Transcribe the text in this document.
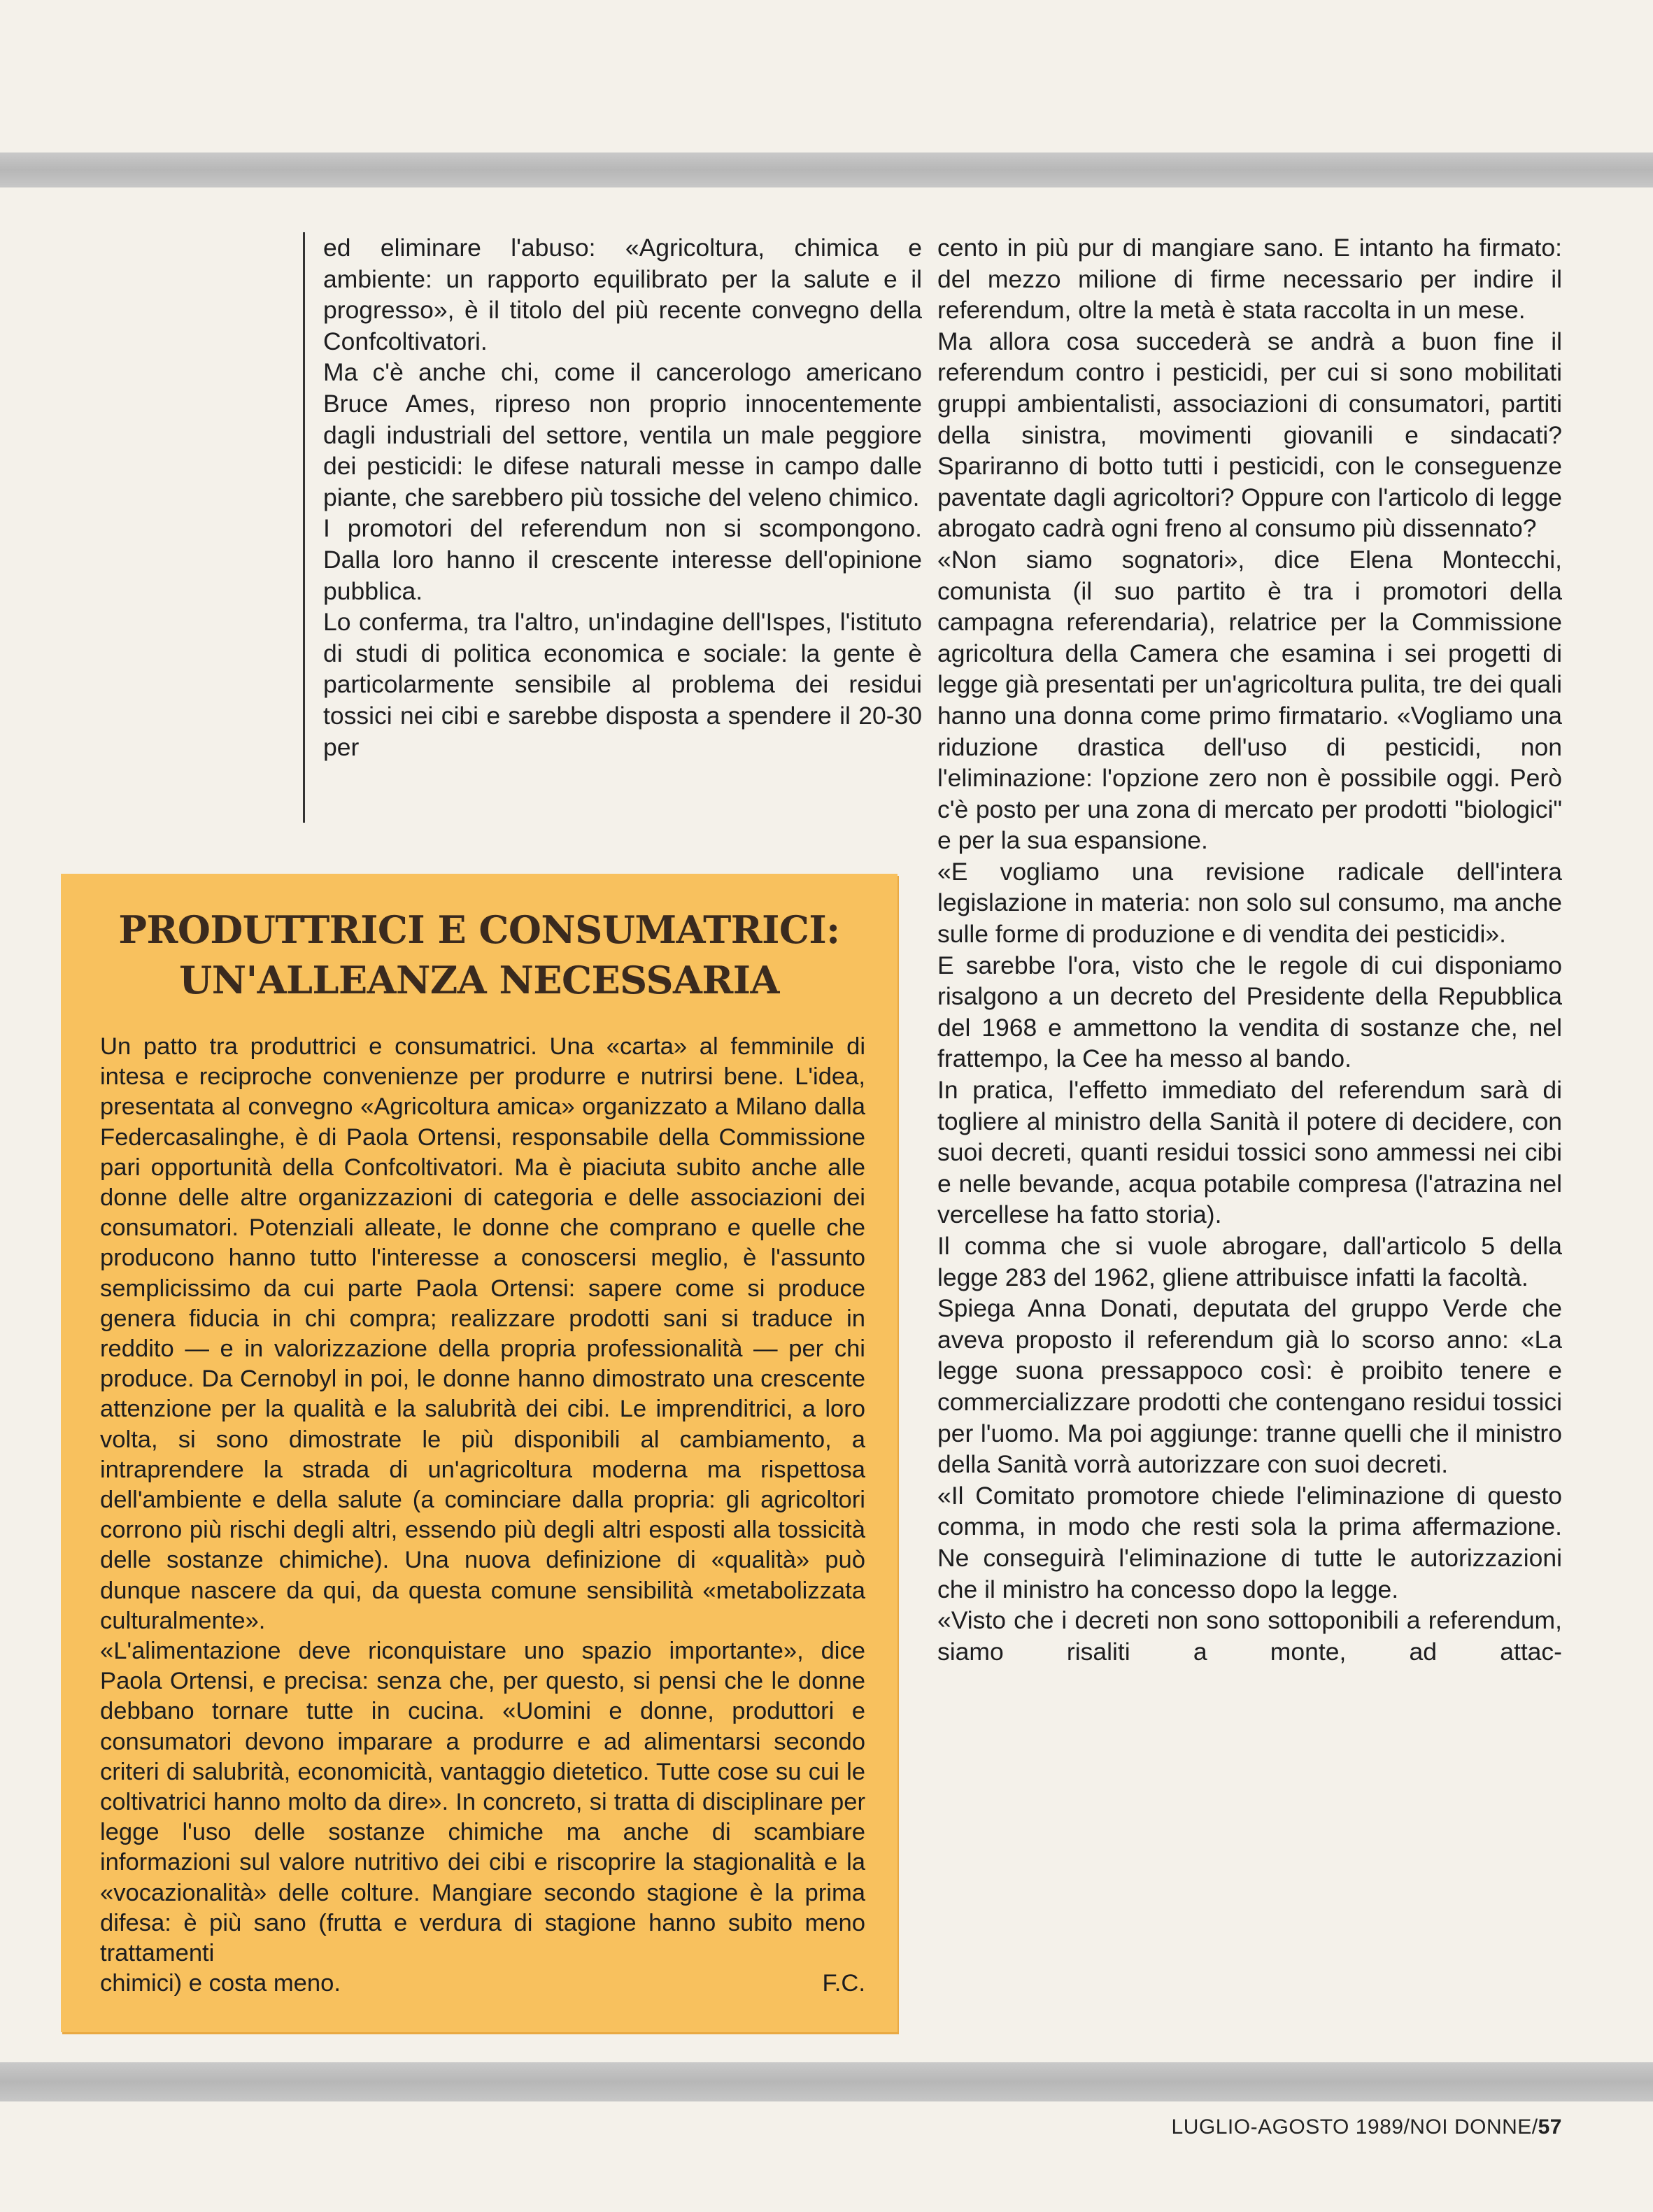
ed eliminare l'abuso: «Agricoltura, chimica e ambiente: un rapporto equilibrato per la salute e il progresso», è il titolo del più recente convegno della Confcoltivatori.

Ma c'è anche chi, come il cancerologo americano Bruce Ames, ripreso non proprio innocentemente dagli industriali del settore, ventila un male peggiore dei pesticidi: le difese naturali messe in campo dalle piante, che sarebbero più tossiche del veleno chimico.

I promotori del referendum non si scompongono. Dalla loro hanno il crescente interesse dell'opinione pubblica.

Lo conferma, tra l'altro, un'indagine dell'Ispes, l'istituto di studi di politica economica e sociale: la gente è particolarmente sensibile al problema dei residui tossici nei cibi e sarebbe disposta a spendere il 20-30 per

cento in più pur di mangiare sano. E intanto ha firmato: del mezzo milione di firme necessario per indire il referendum, oltre la metà è stata raccolta in un mese.

Ma allora cosa succederà se andrà a buon fine il referendum contro i pesticidi, per cui si sono mobilitati gruppi ambientalisti, associazioni di consumatori, partiti della sinistra, movimenti giovanili e sindacati? Spariranno di botto tutti i pesticidi, con le conseguenze paventate dagli agricoltori? Oppure con l'articolo di legge abrogato cadrà ogni freno al consumo più dissennato?

«Non siamo sognatori», dice Elena Montecchi, comunista (il suo partito è tra i promotori della campagna referendaria), relatrice per la Commissione agricoltura della Camera che esamina i sei progetti di legge già presentati per un'agricoltura pulita, tre dei quali hanno una donna come primo firmatario. «Vogliamo una riduzione drastica dell'uso di pesticidi, non l'eliminazione: l'opzione zero non è possibile oggi. Però c'è posto per una zona di mercato per prodotti "biologici" e per la sua espansione.

«E vogliamo una revisione radicale dell'intera legislazione in materia: non solo sul consumo, ma anche sulle forme di produzione e di vendita dei pesticidi».

E sarebbe l'ora, visto che le regole di cui disponiamo risalgono a un decreto del Presidente della Repubblica del 1968 e ammettono la vendita di sostanze che, nel frattempo, la Cee ha messo al bando.

In pratica, l'effetto immediato del referendum sarà di togliere al ministro della Sanità il potere di decidere, con suoi decreti, quanti residui tossici sono ammessi nei cibi e nelle bevande, acqua potabile compresa (l'atrazina nel vercellese ha fatto storia).

Il comma che si vuole abrogare, dall'articolo 5 della legge 283 del 1962, gliene attribuisce infatti la facoltà.

Spiega Anna Donati, deputata del gruppo Verde che aveva proposto il referendum già lo scorso anno: «La legge suona pressappoco così: è proibito tenere e commercializzare prodotti che contengano residui tossici per l'uomo. Ma poi aggiunge: tranne quelli che il ministro della Sanità vorrà autorizzare con suoi decreti.

«Il Comitato promotore chiede l'eliminazione di questo comma, in modo che resti sola la prima affermazione. Ne conseguirà l'eliminazione di tutte le autorizzazioni che il ministro ha concesso dopo la legge.

«Visto che i decreti non sono sottoponibili a referendum, siamo risaliti a monte, ad attac-

PRODUTTRICI E CONSUMATRICI:
UN'ALLEANZA NECESSARIA

Un patto tra produttrici e consumatrici. Una «carta» al femminile di intesa e reciproche convenienze per produrre e nutrirsi bene. L'idea, presentata al convegno «Agricoltura amica» organizzato a Milano dalla Federcasalinghe, è di Paola Ortensi, responsabile della Commissione pari opportunità della Confcoltivatori. Ma è piaciuta subito anche alle donne delle altre organizzazioni di categoria e delle associazioni dei consumatori. Potenziali alleate, le donne che comprano e quelle che producono hanno tutto l'interesse a conoscersi meglio, è l'assunto semplicissimo da cui parte Paola Ortensi: sapere come si produce genera fiducia in chi compra; realizzare prodotti sani si traduce in reddito — e in valorizzazione della propria professionalità — per chi produce. Da Cernobyl in poi, le donne hanno dimostrato una crescente attenzione per la qualità e la salubrità dei cibi. Le imprenditrici, a loro volta, si sono dimostrate le più disponibili al cambiamento, a intraprendere la strada di un'agricoltura moderna ma rispettosa dell'ambiente e della salute (a cominciare dalla propria: gli agricoltori corrono più rischi degli altri, essendo più degli altri esposti alla tossicità delle sostanze chimiche). Una nuova definizione di «qualità» può dunque nascere da qui, da questa comune sensibilità «metabolizzata culturalmente».

«L'alimentazione deve riconquistare uno spazio importante», dice Paola Ortensi, e precisa: senza che, per questo, si pensi che le donne debbano tornare tutte in cucina. «Uomini e donne, produttori e consumatori devono imparare a produrre e ad alimentarsi secondo criteri di salubrità, economicità, vantaggio dietetico. Tutte cose su cui le coltivatrici hanno molto da dire». In concreto, si tratta di disciplinare per legge l'uso delle sostanze chimiche ma anche di scambiare informazioni sul valore nutritivo dei cibi e riscoprire la stagionalità e la «vocazionalità» delle colture. Mangiare secondo stagione è la prima difesa: è più sano (frutta e verdura di stagione hanno subito meno trattamenti

chimici) e costa meno.	F.C.
LUGLIO-AGOSTO 1989/NOI DONNE/57
